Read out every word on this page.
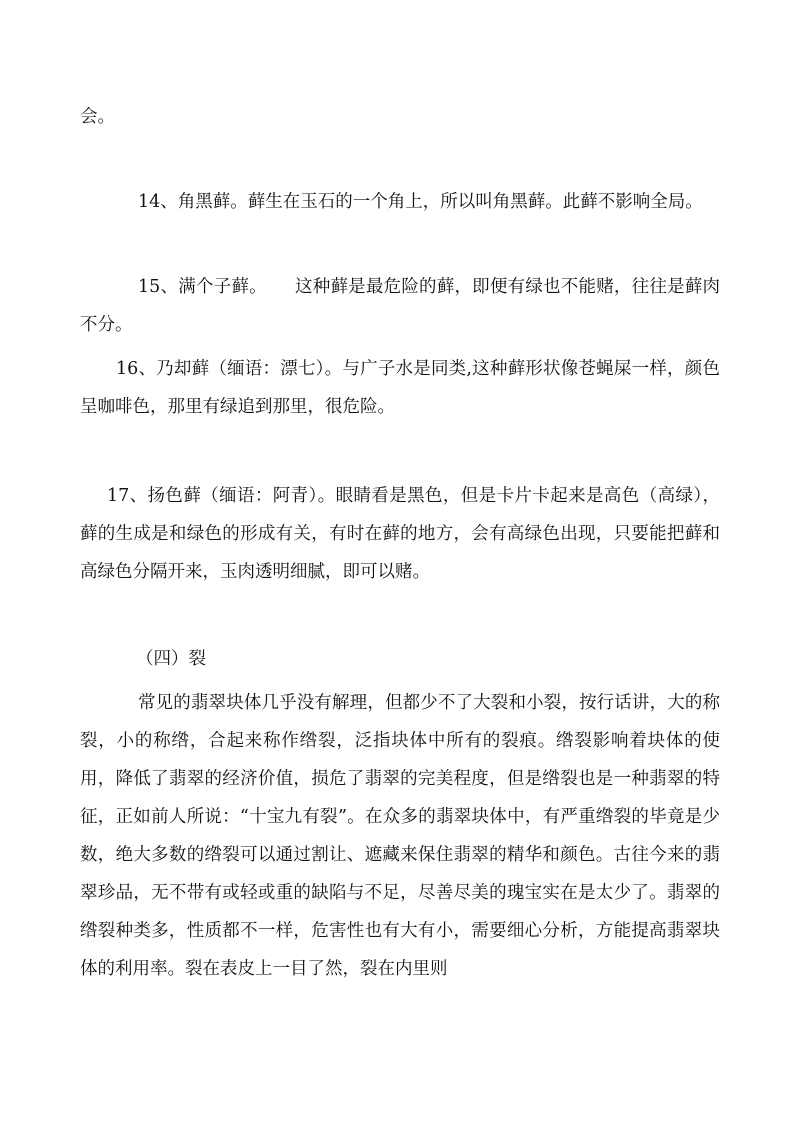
会。

14、角黑藓。藓生在玉石的一个角上，所以叫角黑藓。此藓不影响全局。

15、满个子藓。 这种藓是最危险的藓，即便有绿也不能赌，往往是藓肉不分。

16、乃却藓（缅语：漂七）。与广子水是同类,这种藓形状像苍蝇屎一样，颜色呈咖啡色，那里有绿追到那里，很危险。

17、扬色藓（缅语：阿青）。眼睛看是黑色，但是卡片卡起来是高色（高绿），藓的生成是和绿色的形成有关，有时在藓的地方，会有高绿色出现，只要能把藓和高绿色分隔开来，玉肉透明细腻，即可以赌。

（四）裂

常见的翡翠块体几乎没有解理，但都少不了大裂和小裂，按行话讲，大的称裂，小的称绺，合起来称作绺裂，泛指块体中所有的裂痕。绺裂影响着块体的使用，降低了翡翠的经济价值，损危了翡翠的完美程度，但是绺裂也是一种翡翠的特征，正如前人所说：“十宝九有裂”。在众多的翡翠块体中，有严重绺裂的毕竟是少数，绝大多数的绺裂可以通过割让、遮藏来保住翡翠的精华和颜色。古往今来的翡翠珍品，无不带有或轻或重的缺陷与不足，尽善尽美的瑰宝实在是太少了。翡翠的绺裂种类多，性质都不一样，危害性也有大有小，需要细心分析，方能提高翡翠块体的利用率。裂在表皮上一目了然，裂在内里则
